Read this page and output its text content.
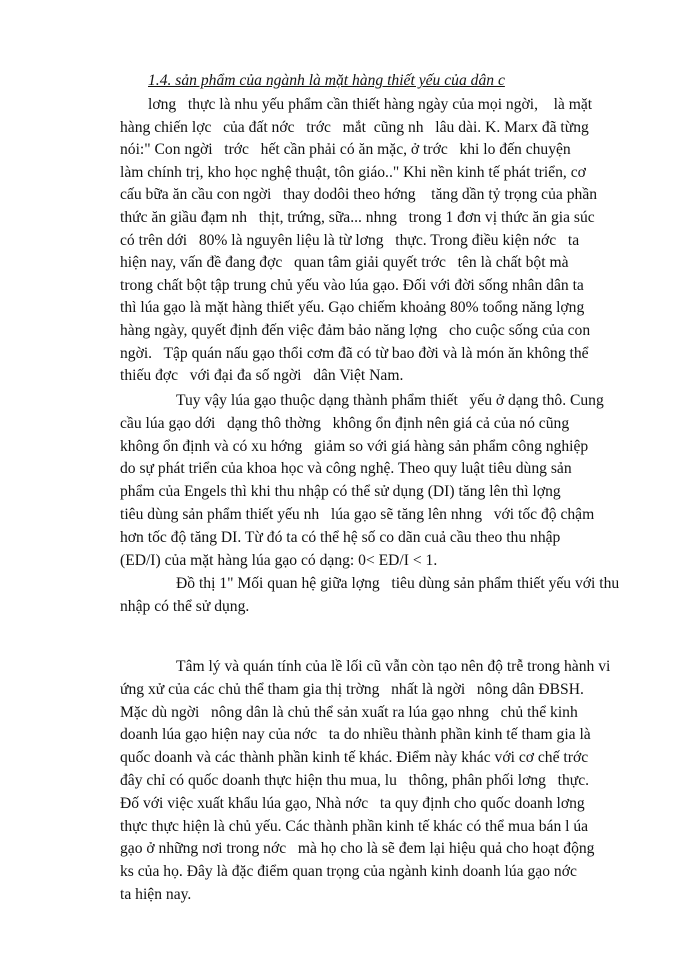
1.4. sản phẩm của ngành là mặt hàng thiết yếu của dân c
lơng   thực là nhu yếu phẩm cần thiết hàng ngày của mọi ngời,    là mặt
hàng chiến lợc   của đất nớc   trớc   mắt  cũng nh   lâu dài. K. Marx đã từng
nói:" Con ngời   trớc   hết cần phải có ăn mặc, ở trớc   khi lo đến chuyện
làm chính trị, kho học nghệ thuật, tôn giáo.." Khi nền kinh tế phát triển, cơ
cấu bữa ăn cầu con ngời   thay dodôi theo hớng    tăng dần tỷ trọng của phần
thức ăn giầu đạm nh   thịt, trứng, sữa... nhng   trong 1 đơn vị thức ăn gia súc
có trên dới   80% là nguyên liệu là từ lơng   thực. Trong điều kiện nớc   ta
hiện nay, vấn đề đang đợc   quan tâm giải quyết trớc   tên là chất bột mà
trong chất bột tập trung chủ yếu vào lúa gạo. Đối với đời sống nhân dân ta
thì lúa gạo là mặt hàng thiết yếu. Gạo chiếm khoảng 80% toổng năng lợng
hàng ngày, quyết định đến việc đảm bảo năng lợng   cho cuộc sống của con
ngời.   Tập quán nấu gạo thổi cơm đã có từ bao đời và là món ăn không thể
thiếu đợc   với đại đa số ngời   dân Việt Nam.
Tuy vậy lúa gạo thuộc dạng thành phẩm thiết   yếu ở dạng thô. Cung
cầu lúa gạo dới   dạng thô thờng   không ổn định nên giá cả của nó cũng
không ổn định và có xu hớng   giảm so với giá hàng sản phẩm công nghiệp
do sự phát triển của khoa học và công nghệ. Theo quy luật tiêu dùng sản
phẩm của Engels thì khi thu nhập có thể sử dụng (DI) tăng lên thì lợng
tiêu dùng sản phẩm thiết yếu nh   lúa gạo sẽ tăng lên nhng   với tốc độ chậm
hơn tốc độ tăng DI. Từ đó ta có thể hệ số co dãn cuả cầu theo thu nhập
(ED/I) của mặt hàng lúa gạo có dạng: 0< ED/I < 1.
Đồ thị 1" Mối quan hệ giữa lợng   tiêu dùng sản phẩm thiết yếu với thu
nhập có thể sử dụng.
Tâm lý và quán tính của lề lối cũ vẫn còn tạo nên độ trễ trong hành vi
ứng xử của các chủ thể tham gia thị trờng   nhất là ngời   nông dân ĐBSH.
Mặc dù ngời   nông dân là chủ thể sản xuất ra lúa gạo nhng   chủ thể kinh
doanh lúa gạo hiện nay của nớc   ta do nhiều thành phần kinh tế tham gia là
quốc doanh và các thành phần kinh tế khác. Điểm này khác với cơ chế trớc
đây chỉ có quốc doanh thực hiện thu mua, lu   thông, phân phối lơng   thực.
Đố với việc xuất khẩu lúa gạo, Nhà nớc   ta quy định cho quốc doanh lơng
thực thực hiện là chủ yếu. Các thành phần kinh tế khác có thể mua bán l úa
gạo ở những nơi trong nớc   mà họ cho là sẽ đem lại hiệu quả cho hoạt động
ks của họ. Đây là đặc điểm quan trọng của ngành kinh doanh lúa gạo nớc
ta hiện nay.
